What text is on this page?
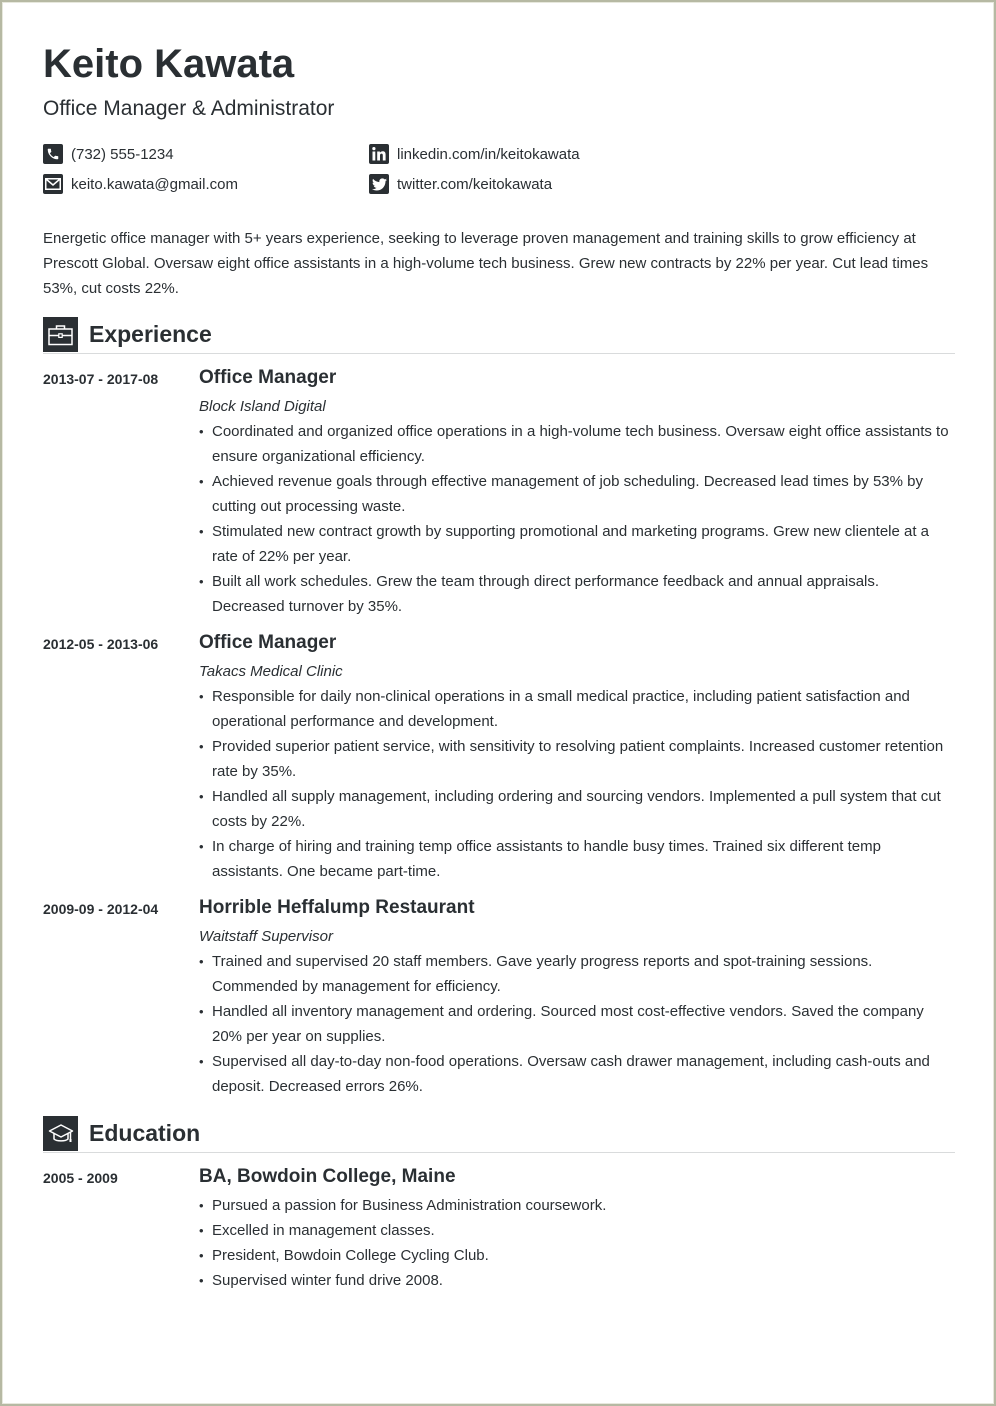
Keito Kawata
Office Manager & Administrator
(732) 555-1234
keito.kawata@gmail.com
linkedin.com/in/keitokawata
twitter.com/keitokawata

Energetic office manager with 5+ years experience, seeking to leverage proven management and training skills to grow efficiency at Prescott Global. Oversaw eight office assistants in a high-volume tech business. Grew new contracts by 22% per year. Cut lead times 53%, cut costs 22%.

Experience
2013-07 - 2017-08 Office Manager
Block Island Digital
• Coordinated and organized office operations in a high-volume tech business. Oversaw eight office assistants to ensure organizational efficiency.
• Achieved revenue goals through effective management of job scheduling. Decreased lead times by 53% by cutting out processing waste.
• Stimulated new contract growth by supporting promotional and marketing programs. Grew new clientele at a rate of 22% per year.
• Built all work schedules. Grew the team through direct performance feedback and annual appraisals. Decreased turnover by 35%.
2012-05 - 2013-06 Office Manager
Takacs Medical Clinic
• Responsible for daily non-clinical operations in a small medical practice, including patient satisfaction and operational performance and development.
• Provided superior patient service, with sensitivity to resolving patient complaints. Increased customer retention rate by 35%.
• Handled all supply management, including ordering and sourcing vendors. Implemented a pull system that cut costs by 22%.
• In charge of hiring and training temp office assistants to handle busy times. Trained six different temp assistants. One became part-time.
2009-09 - 2012-04 Horrible Heffalump Restaurant
Waitstaff Supervisor
• Trained and supervised 20 staff members. Gave yearly progress reports and spot-training sessions. Commended by management for efficiency.
• Handled all inventory management and ordering. Sourced most cost-effective vendors. Saved the company 20% per year on supplies.
• Supervised all day-to-day non-food operations. Oversaw cash drawer management, including cash-outs and deposit. Decreased errors 26%.
Education
2005 - 2009	BA, Bowdoin College, Maine
• Pursued a passion for Business Administration coursework.
• Excelled in management classes.
• President, Bowdoin College Cycling Club.
• Supervised winter fund drive 2008.
